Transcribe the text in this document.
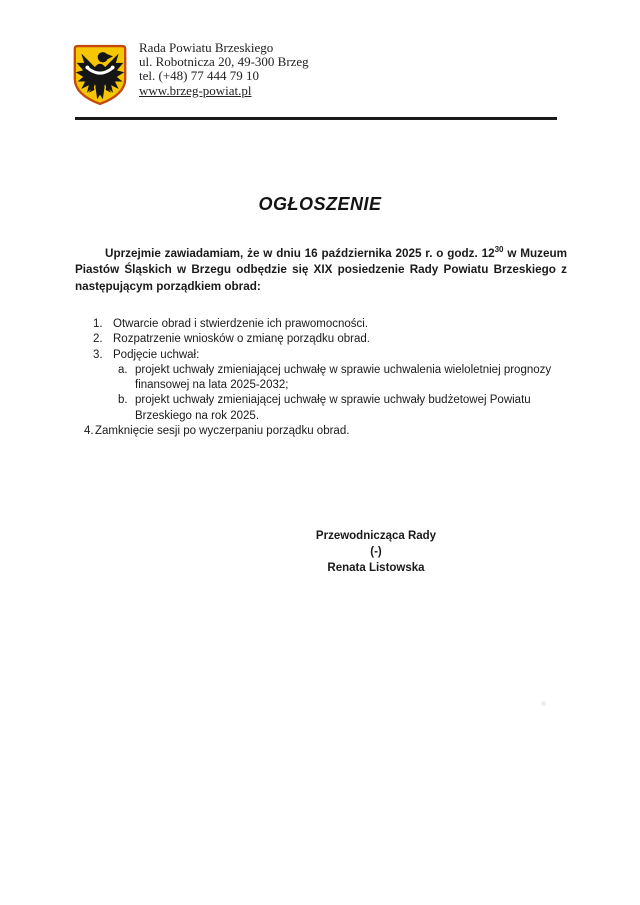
Rada Powiatu Brzeskiego
ul. Robotnicza 20, 49-300 Brzeg
tel. (+48) 77 444 79 10
www.brzeg-powiat.pl
OGŁOSZENIE

Uprzejmie zawiadamiam, że w dniu 16 października 2025 r. o godz. $12^{30}$ w Muzeum Piastów Śląskich w Brzegu odbędzie się XIX posiedzenie Rady Powiatu Brzeskiego z następującym porządkiem obrad:

1. Otwarcie obrad i stwierdzenie ich prawomocności.
2. Rozpatrzenie wniosków o zmianę porządku obrad.
3. Podjęcie uchwał:
a. projekt uchwały zmieniającej uchwałę w sprawie uchwalenia wieloletniej prognozy finansowej na lata 2025-2032;
b. projekt uchwały zmieniającej uchwałę w sprawie uchwały budżetowej Powiatu Brzeskiego na rok 2025.
4. Zamknięcie sesji po wyczerpaniu porządku obrad.
Przewodnicząca Rady
(-)
Renata Listowska
